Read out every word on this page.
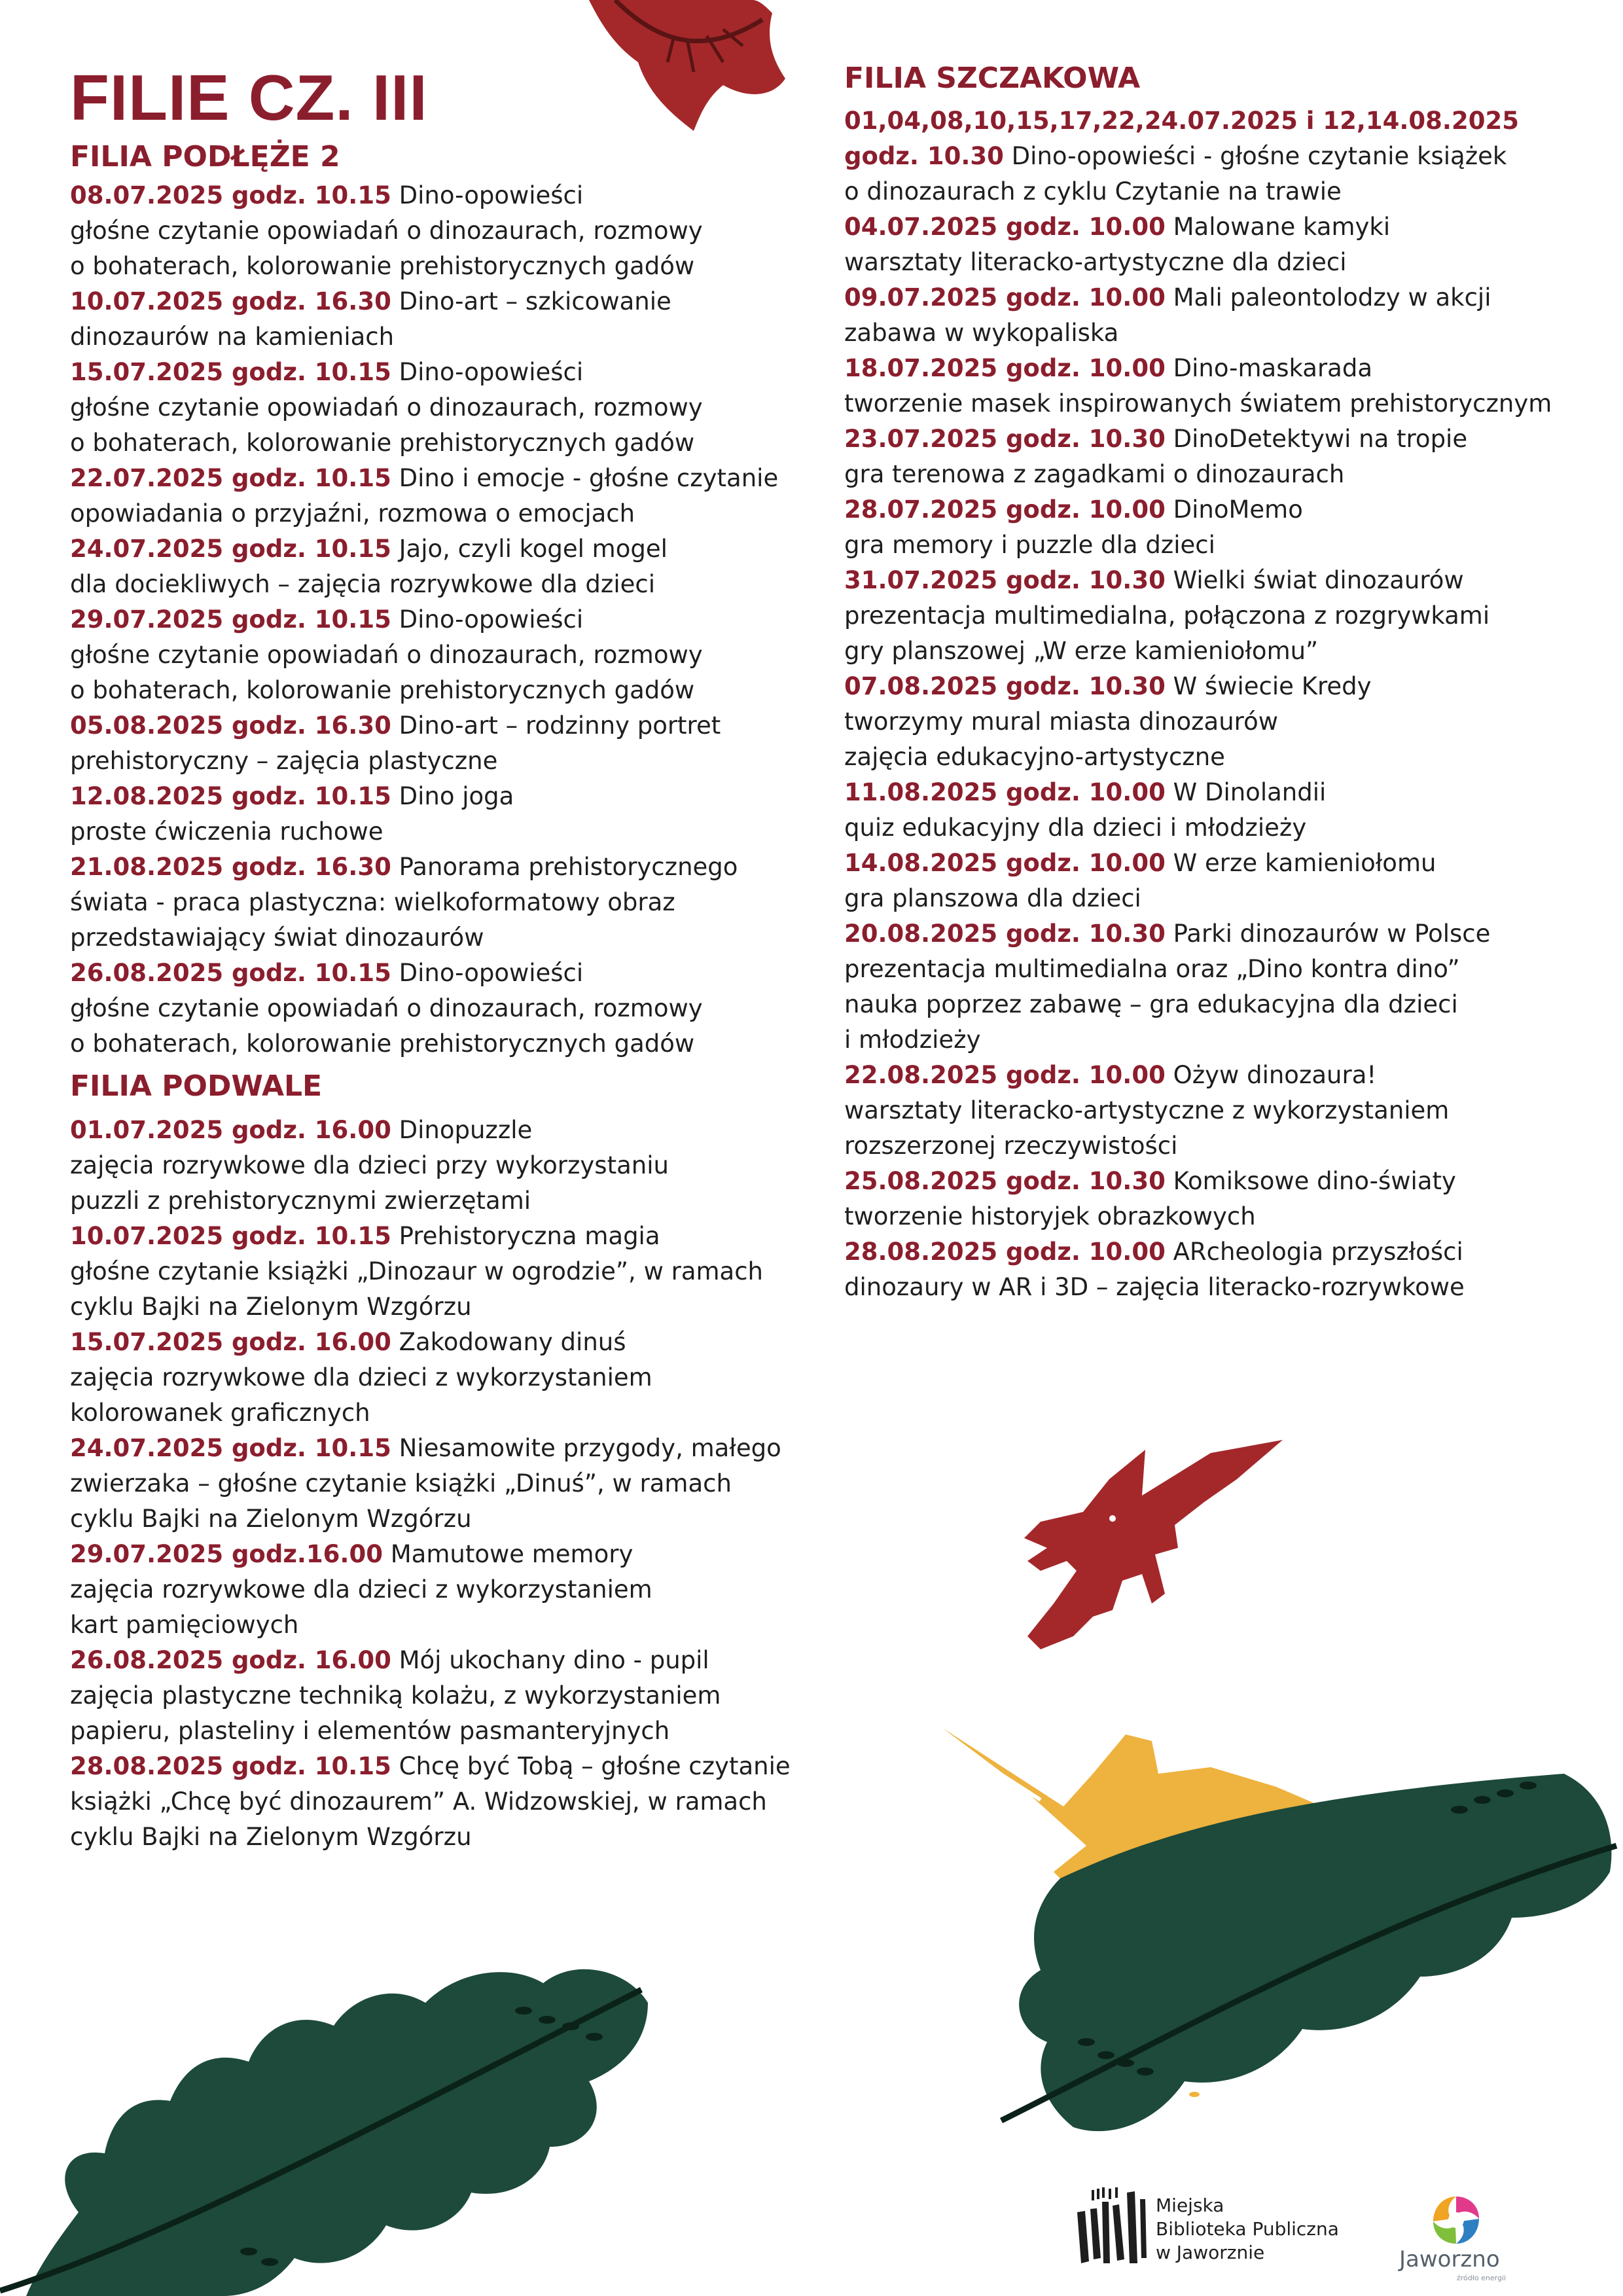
FILIE CZ. III
FILIA PODŁĘŻE 2

08.07.2025 godz. 10.15 Dino-opowieści

głośne czytanie opowiadań o dinozaurach, rozmowy

o bohaterach, kolorowanie prehistorycznych gadów

10.07.2025 godz. 16.30 Dino-art – szkicowanie

dinozaurów na kamieniach

15.07.2025 godz. 10.15 Dino-opowieści

głośne czytanie opowiadań o dinozaurach, rozmowy

o bohaterach, kolorowanie prehistorycznych gadów

22.07.2025 godz. 10.15 Dino i emocje - głośne czytanie

opowiadania o przyjaźni, rozmowa o emocjach

24.07.2025 godz. 10.15 Jajo, czyli kogel mogel

dla dociekliwych – zajęcia rozrywkowe dla dzieci

29.07.2025 godz. 10.15 Dino-opowieści

głośne czytanie opowiadań o dinozaurach, rozmowy

o bohaterach, kolorowanie prehistorycznych gadów

05.08.2025 godz. 16.30 Dino-art – rodzinny portret

prehistoryczny – zajęcia plastyczne

12.08.2025 godz. 10.15 Dino joga

proste ćwiczenia ruchowe

21.08.2025 godz. 16.30 Panorama prehistorycznego

świata - praca plastyczna: wielkoformatowy obraz

przedstawiający świat dinozaurów

26.08.2025 godz. 10.15 Dino-opowieści

głośne czytanie opowiadań o dinozaurach, rozmowy

o bohaterach, kolorowanie prehistorycznych gadów

FILIA PODWALE

01.07.2025 godz. 16.00 Dinopuzzle

zajęcia rozrywkowe dla dzieci przy wykorzystaniu

puzzli z prehistorycznymi zwierzętami

10.07.2025 godz. 10.15 Prehistoryczna magia

głośne czytanie książki „Dinozaur w ogrodzie”, w ramach

cyklu Bajki na Zielonym Wzgórzu

15.07.2025 godz. 16.00 Zakodowany dinuś

zajęcia rozrywkowe dla dzieci z wykorzystaniem

kolorowanek graficznych

24.07.2025 godz. 10.15 Niesamowite przygody, małego

zwierzaka – głośne czytanie książki „Dinuś”, w ramach

cyklu Bajki na Zielonym Wzgórzu

29.07.2025 godz.16.00 Mamutowe memory

zajęcia rozrywkowe dla dzieci z wykorzystaniem

kart pamięciowych

26.08.2025 godz. 16.00 Mój ukochany dino - pupil

zajęcia plastyczne techniką kolażu, z wykorzystaniem

papieru, plasteliny i elementów pasmanteryjnych

28.08.2025 godz. 10.15 Chcę być Tobą – głośne czytanie

książki „Chcę być dinozaurem” A. Widzowskiej, w ramach

cyklu Bajki na Zielonym Wzgórzu

FILIA SZCZAKOWA

01,04,08,10,15,17,22,24.07.2025 i 12,14.08.2025

godz. 10.30 Dino-opowieści - głośne czytanie książek

o dinozaurach z cyklu Czytanie na trawie

04.07.2025 godz. 10.00 Malowane kamyki

warsztaty literacko-artystyczne dla dzieci

09.07.2025 godz. 10.00 Mali paleontolodzy w akcji

zabawa w wykopaliska

18.07.2025 godz. 10.00 Dino-maskarada

tworzenie masek inspirowanych światem prehistorycznym

23.07.2025 godz. 10.30 DinoDetektywi na tropie

gra terenowa z zagadkami o dinozaurach

28.07.2025 godz. 10.00 DinoMemo

gra memory i puzzle dla dzieci

31.07.2025 godz. 10.30 Wielki świat dinozaurów

prezentacja multimedialna, połączona z rozgrywkami

gry planszowej „W erze kamieniołomu”

07.08.2025 godz. 10.30 W świecie Kredy

tworzymy mural miasta dinozaurów

zajęcia edukacyjno-artystyczne

11.08.2025 godz. 10.00 W Dinolandii

quiz edukacyjny dla dzieci i młodzieży

14.08.2025 godz. 10.00 W erze kamieniołomu

gra planszowa dla dzieci

20.08.2025 godz. 10.30 Parki dinozaurów w Polsce

prezentacja multimedialna oraz „Dino kontra dino”

nauka poprzez zabawę – gra edukacyjna dla dzieci

i młodzieży

22.08.2025 godz. 10.00 Ożyw dinozaura!

warsztaty literacko-artystyczne z wykorzystaniem

rozszerzonej rzeczywistości

25.08.2025 godz. 10.30 Komiksowe dino-światy

tworzenie historyjek obrazkowych

28.08.2025 godz. 10.00 ARcheologia przyszłości

dinozaury w AR i 3D – zajęcia literacko-rozrywkowe

Miejska
Biblioteka Publiczna
w Jaworznie	Jaworzno
źródło energii
